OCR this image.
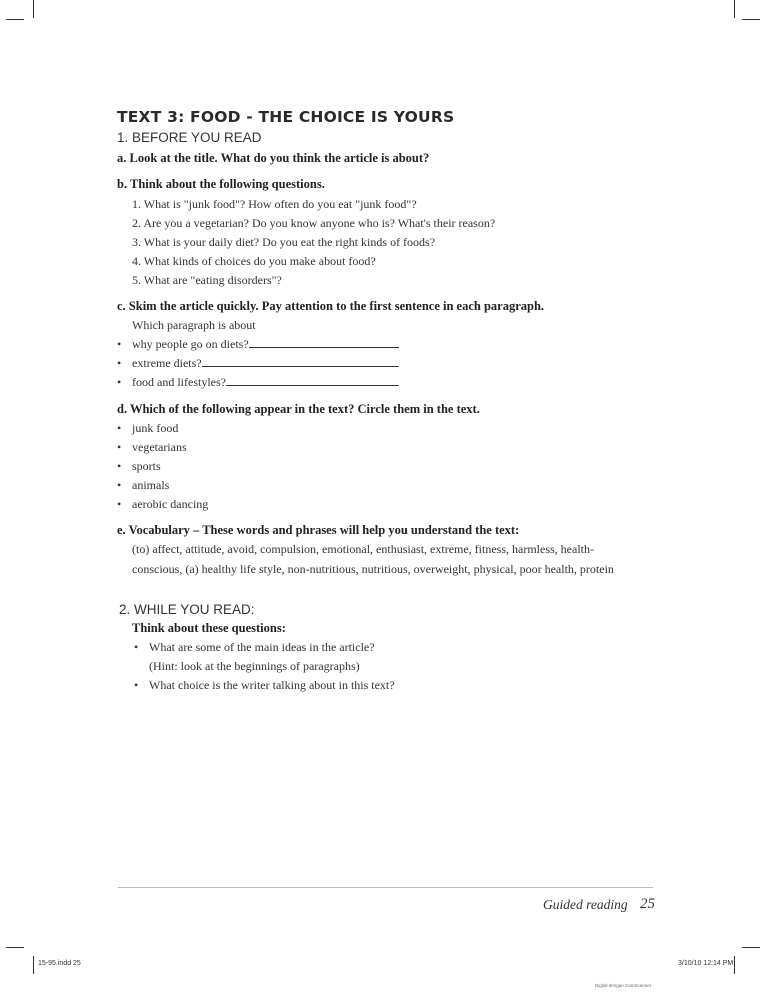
TEXT 3: FOOD - THE CHOICE IS YOURS
1. BEFORE YOU READ
a. Look at the title. What do you think the article is about?
b. Think about the following questions.
1. What is "junk food"? How often do you eat "junk food"?
2. Are you a vegetarian? Do you know anyone who is? What's their reason?
3. What is your daily diet? Do you eat the right kinds of foods?
4. What kinds of choices do you make about food?
5. What are "eating disorders"?
c. Skim the article quickly. Pay attention to the first sentence in each paragraph.
Which paragraph is about
• why people go on diets?
• extreme diets?
• food and lifestyles?
d. Which of the following appear in the text? Circle them in the text.
• junk food
• vegetarians
• sports
• animals
• aerobic dancing
e. Vocabulary – These words and phrases will help you understand the text:
(to) affect, attitude, avoid, compulsion, emotional, enthusiast, extreme, fitness, harmless, health-
conscious, (a) healthy life style, non-nutritious, nutritious, overweight, physical, poor health, protein
2. WHILE YOU READ:
Think about these questions:
• What are some of the main ideas in the article?
(Hint: look at the beginnings of paragraphs)
• What choice is the writer talking about in this text?
Guided reading 25
15-95.indd 25	3/10/10 12:14 PM
Digital dengan CamScanner
